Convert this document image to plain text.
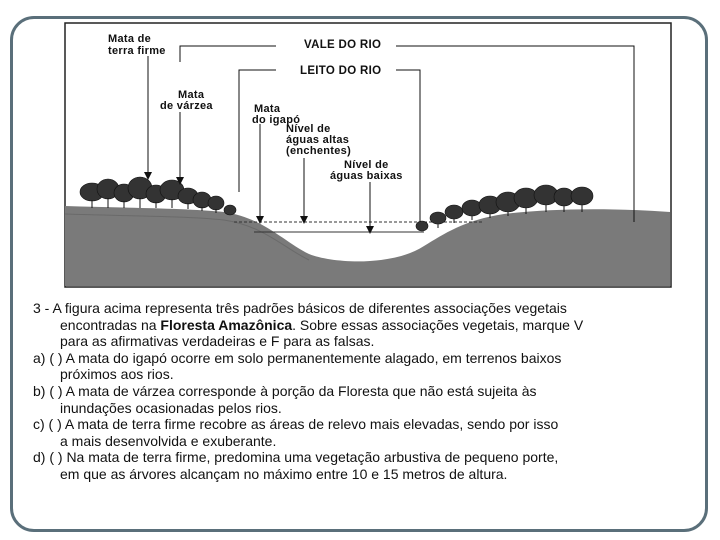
Mata de
terra firme	VALE DO RIO
LEITO DO RIO
Mata
de várzea	Mata
do igapó
Nível de
águas altas
(enchentes)
Nível de
águas baixas

3 - A figura acima representa três padrões básicos de diferentes associações vegetais

encontradas na Floresta Amazônica. Sobre essas associações vegetais, marque V

para as afirmativas verdadeiras e F para as falsas.

a) ( ) A mata do igapó ocorre em solo permanentemente alagado, em terrenos baixos

próximos aos rios.

b) ( ) A mata de várzea corresponde à porção da Floresta que não está sujeita às

inundações ocasionadas pelos rios.

c) ( ) A mata de terra firme recobre as áreas de relevo mais elevadas, sendo por isso

a mais desenvolvida e exuberante.

d) ( ) Na mata de terra firme, predomina uma vegetação arbustiva de pequeno porte,

em que as árvores alcançam no máximo entre 10 e 15 metros de altura.
